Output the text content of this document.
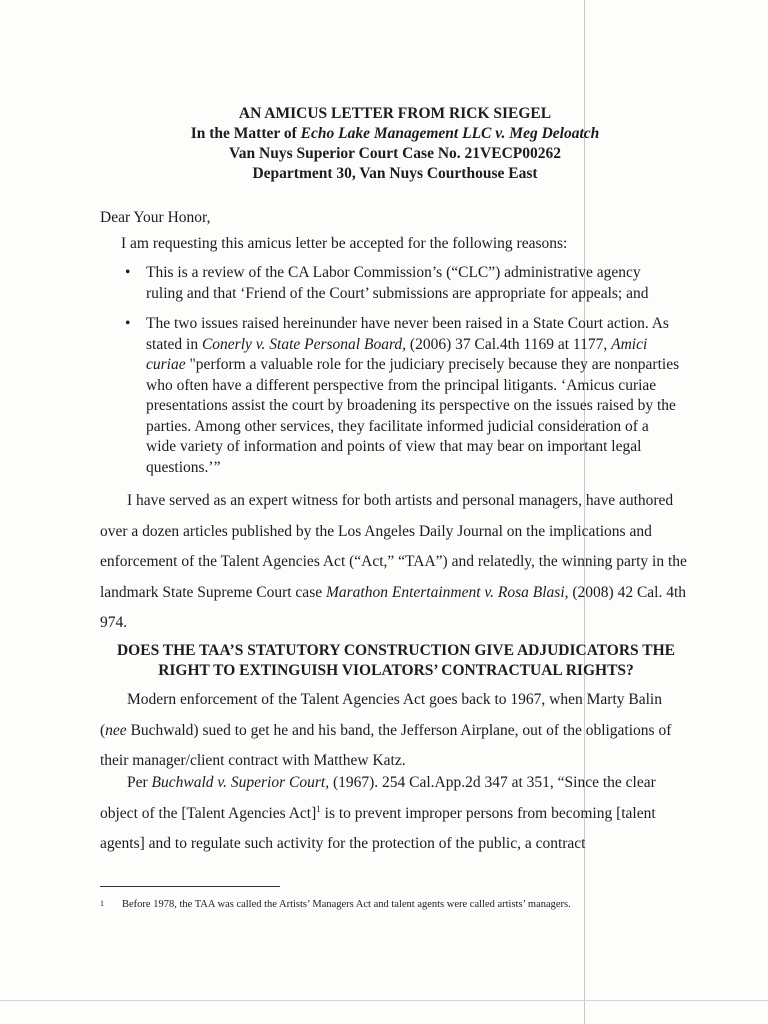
AN AMICUS LETTER FROM RICK SIEGEL
In the Matter of Echo Lake Management LLC v. Meg Deloatch
Van Nuys Superior Court Case No. 21VECP00262
Department 30, Van Nuys Courthouse East
Dear Your Honor,
I am requesting this amicus letter be accepted for the following reasons:
• This is a review of the CA Labor Commission’s (“CLC”) administrative agency ruling and that ‘Friend of the Court’ submissions are appropriate for appeals; and
• The two issues raised hereinunder have never been raised in a State Court action. As stated in Conerly v. State Personal Board, (2006) 37 Cal.4th 1169 at 1177, Amici curiae "perform a valuable role for the judiciary precisely because they are nonparties who often have a different perspective from the principal litigants. ‘Amicus curiae presentations assist the court by broadening its perspective on the issues raised by the parties. Among other services, they facilitate informed judicial consideration of a wide variety of information and points of view that may bear on important legal questions.’”
I have served as an expert witness for both artists and personal managers, have authored over a dozen articles published by the Los Angeles Daily Journal on the implications and enforcement of the Talent Agencies Act (“Act,” “TAA”) and relatedly, the winning party in the landmark State Supreme Court case Marathon Entertainment v. Rosa Blasi, (2008) 42 Cal. 4th 974.
DOES THE TAA’S STATUTORY CONSTRUCTION GIVE ADJUDICATORS THE
RIGHT TO EXTINGUISH VIOLATORS’ CONTRACTUAL RIGHTS?
Modern enforcement of the Talent Agencies Act goes back to 1967, when Marty Balin (nee Buchwald) sued to get he and his band, the Jefferson Airplane, out of the obligations of their manager/client contract with Matthew Katz.
Per Buchwald v. Superior Court, (1967). 254 Cal.App.2d 347 at 351, “Since the clear object of the [Talent Agencies Act]$^1$ is to prevent improper persons from becoming [talent agents] and to regulate such activity for the protection of the public, a contract
1 Before 1978, the TAA was called the Artists’ Managers Act and talent agents were called artists’ managers.
